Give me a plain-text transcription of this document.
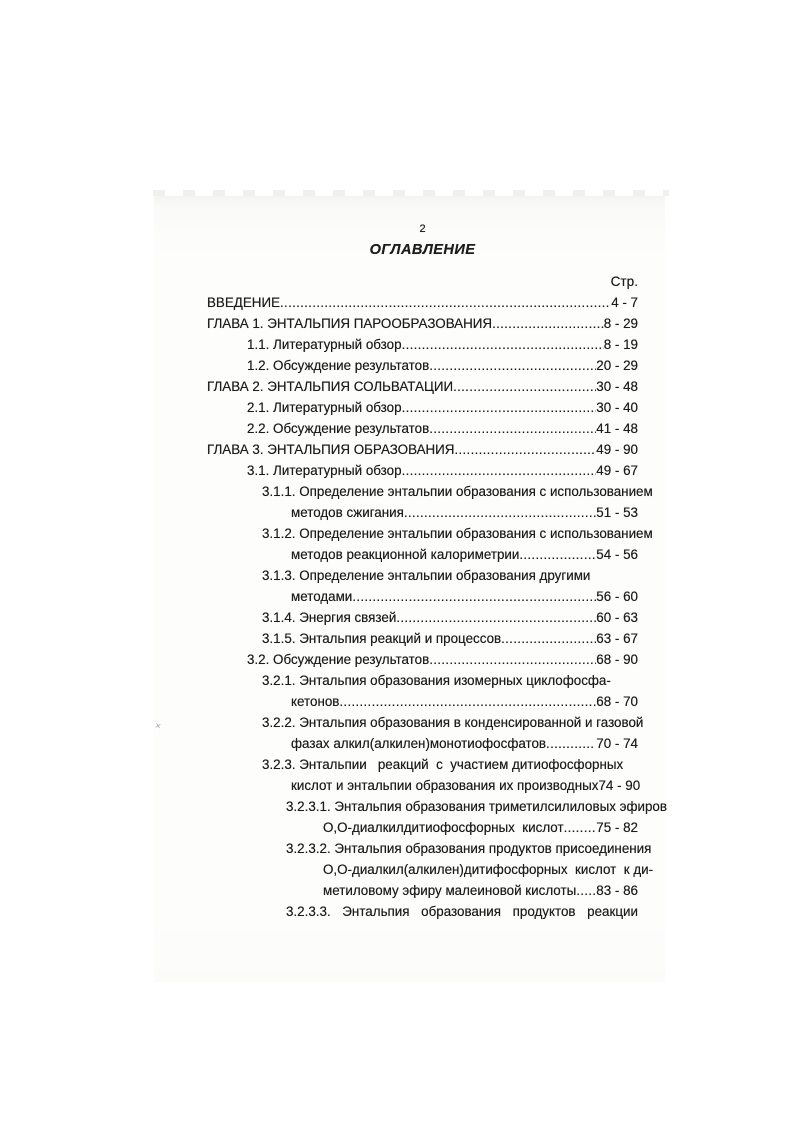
×
2
ОГЛАВЛЕНИЕ
Стр.
ВВЕДЕНИЕ .....	4 - 7
ГЛАВА 1. ЭНТАЛЬПИЯ ПАРООБРАЗОВАНИЯ .....	8 - 29
1.1. Литературный обзор .....	8 - 19
1.2. Обсуждение результатов .....	20 - 29
ГЛАВА 2. ЭНТАЛЬПИЯ СОЛЬВАТАЦИИ .....	30 - 48
2.1. Литературный обзор .....	30 - 40
2.2. Обсуждение результатов .....	41 - 48
ГЛАВА 3. ЭНТАЛЬПИЯ ОБРАЗОВАНИЯ .....	49 - 90
3.1. Литературный обзор .....	49 - 67
3.1.1. Определение энтальпии образования с использованием
методов сжигания .....	51 - 53
3.1.2. Определение энтальпии образования с использованием
методов реакционной калориметрии .....	54 - 56
3.1.3. Определение энтальпии образования другими
методами .....	56 - 60
3.1.4. Энергия связей .....	60 - 63
3.1.5. Энтальпия реакций и процессов .....	63 - 67
3.2. Обсуждение результатов .....	68 - 90
3.2.1. Энтальпия образования изомерных циклофосфа-
кетонов .....	68 - 70
3.2.2. Энтальпия образования в конденсированной и газовой
фазах алкил(алкилен)монотиофосфатов .....	70 - 74
3.2.3. Энтальпии   реакций  с  участием дитиофосфорных
кислот и энтальпии образования их производных 74 - 90
3.2.3.1. Энтальпия образования триметилсилиловых эфиров
О,О-диалкилдитиофосфорных  кислот ..... 75 - 82
3.2.3.2. Энтальпия образования продуктов присоединения
О,О-диалкил(алкилен)дитифосфорных  кислот  к ди-
метиловому эфиру малеиновой кислоты ..... 83 - 86
3.2.3.3. Энтальпия образования продуктов реакции
